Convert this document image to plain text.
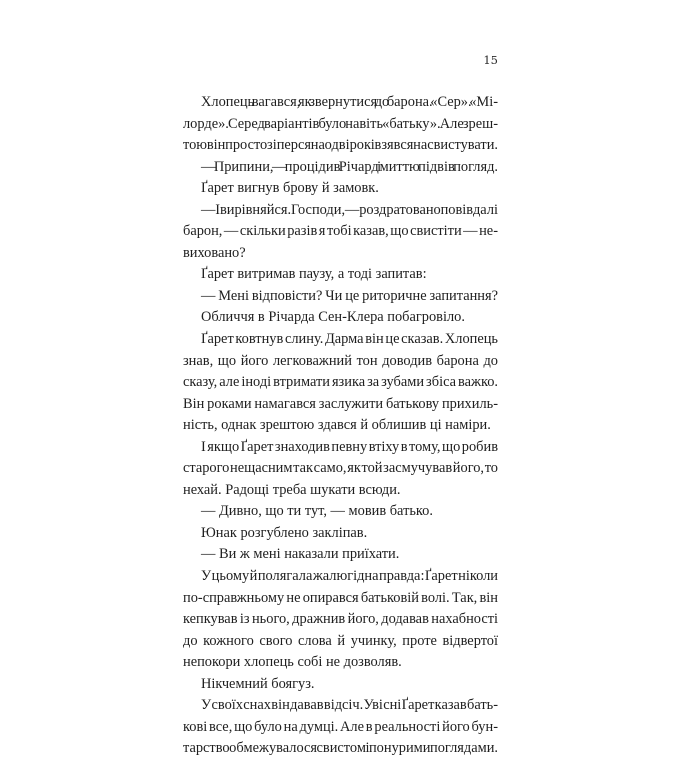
15

Хлопець вагався, як звернутися до барона. «Сер». «Мі-
лорде». Серед варіантів було навіть «батьку». Але зреш-
тою він просто зіперся на одвірок і взявся насвистувати.
— Припини, — процідив Річард і миттю підвів погляд.
Ґарет вигнув брову й замовк.
— І вирівняйся. Господи, — роздратовано повів далі
барон, — скільки разів я тобі казав, що свистіти — не-
виховано?
Ґарет витримав паузу, а тоді запитав:
— Мені відповісти? Чи це риторичне запитання?
Обличчя в Річарда Сен-Клера побагровіло.
Ґарет ковтнув слину. Дарма він це сказав. Хлопець
знав, що його легковажний тон доводив барона до
сказу, але іноді втримати язика за зубами збіса важко.
Він роками намагався заслужити батькову прихиль-
ність, однак зрештою здався й облишив ці наміри.
І якщо Ґарет знаходив певну втіху в тому, що робив
старого нещасним так само, як той засмучував його, то
нехай. Радощі треба шукати всюди.
— Дивно, що ти тут, — мовив батько.
Юнак розгублено закліпав.
— Ви ж мені наказали приїхати.
У цьому й полягала жалюгідна правда: Ґарет ніколи
по-справжньому не опирався батьковій волі. Так, він
кепкував із нього, дражнив його, додавав нахабності
до кожного свого слова й учинку, проте відвертої
непокори хлопець собі не дозволяв.
Нікчемний боягуз.
У своїх снах він давав відсіч. Уві сні Ґарет казав бать-
кові все, що було на думці. Але в реальності його бун-
тарство обмежувалося свистом і понурими поглядами.
